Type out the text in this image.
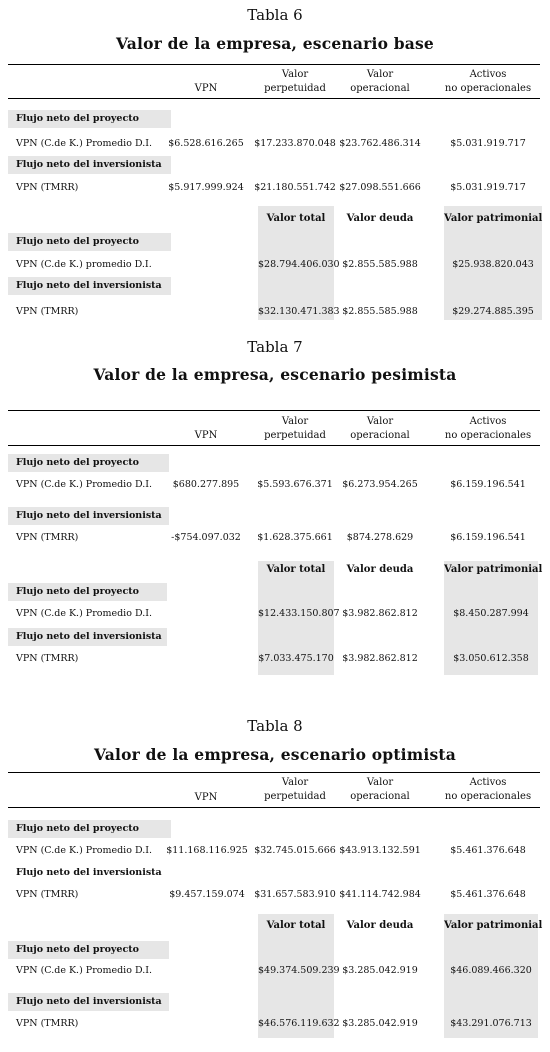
Tabla 6
Valor de la empresa, escenario base
VPN
Valor
perpetuidad
Valor
operacional
Activos
no operacionales
Flujo neto del proyecto
VPN (C.de K.) Promedio D.I. $6.528.616.265 $17.233.870.048 $23.762.486.314	$5.031.919.717
Flujo neto del inversionista
VPN (TMRR)	$5.917.999.924 $21.180.551.742 $27.098.551.666	$5.031.919.717
Valor total	Valor deuda	Valor patrimonial
Flujo neto del proyecto
VPN (C.de K.) promedio D.I.	$28.794.406.030 $2.855.585.988	$25.938.820.043
Flujo neto del inversionista
VPN (TMRR)	$32.130.471.383 $2.855.585.988	$29.274.885.395
Tabla 7
Valor de la empresa, escenario pesimista
VPN
Valor
perpetuidad
Valor
operacional
Activos
no operacionales
Flujo neto del proyecto
VPN (C.de K.) Promedio D.I.	$680.277.895	$5.593.676.371 $6.273.954.265	$6.159.196.541
Flujo neto del inversionista
VPN (TMRR)	-$754.097.032	$1.628.375.661	$874.278.629	$6.159.196.541
Valor total	Valor deuda	Valor patrimonial
Flujo neto del proyecto
VPN (C.de K.) Promedio D.I.	$12.433.150.807 $3.982.862.812	$8.450.287.994
Flujo neto del inversionista
VPN (TMRR)	$7.033.475.170 $3.982.862.812	$3.050.612.358
Tabla 8
Valor de la empresa, escenario optimista
VPN
Valor
perpetuidad
Valor
operacional
Activos
no operacionales
Flujo neto del proyecto
VPN (C.de K.) Promedio D.I. $11.168.116.925 $32.745.015.666 $43.913.132.591	$5.461.376.648
Flujo neto del inversionista
VPN (TMRR)	$9.457.159.074 $31.657.583.910 $41.114.742.984	$5.461.376.648
Valor total	Valor deuda	Valor patrimonial
Flujo neto del proyecto
VPN (C.de K.) Promedio D.I.	$49.374.509.239 $3.285.042.919	$46.089.466.320
Flujo neto del inversionista
VPN (TMRR)	$46.576.119.632 $3.285.042.919	$43.291.076.713
